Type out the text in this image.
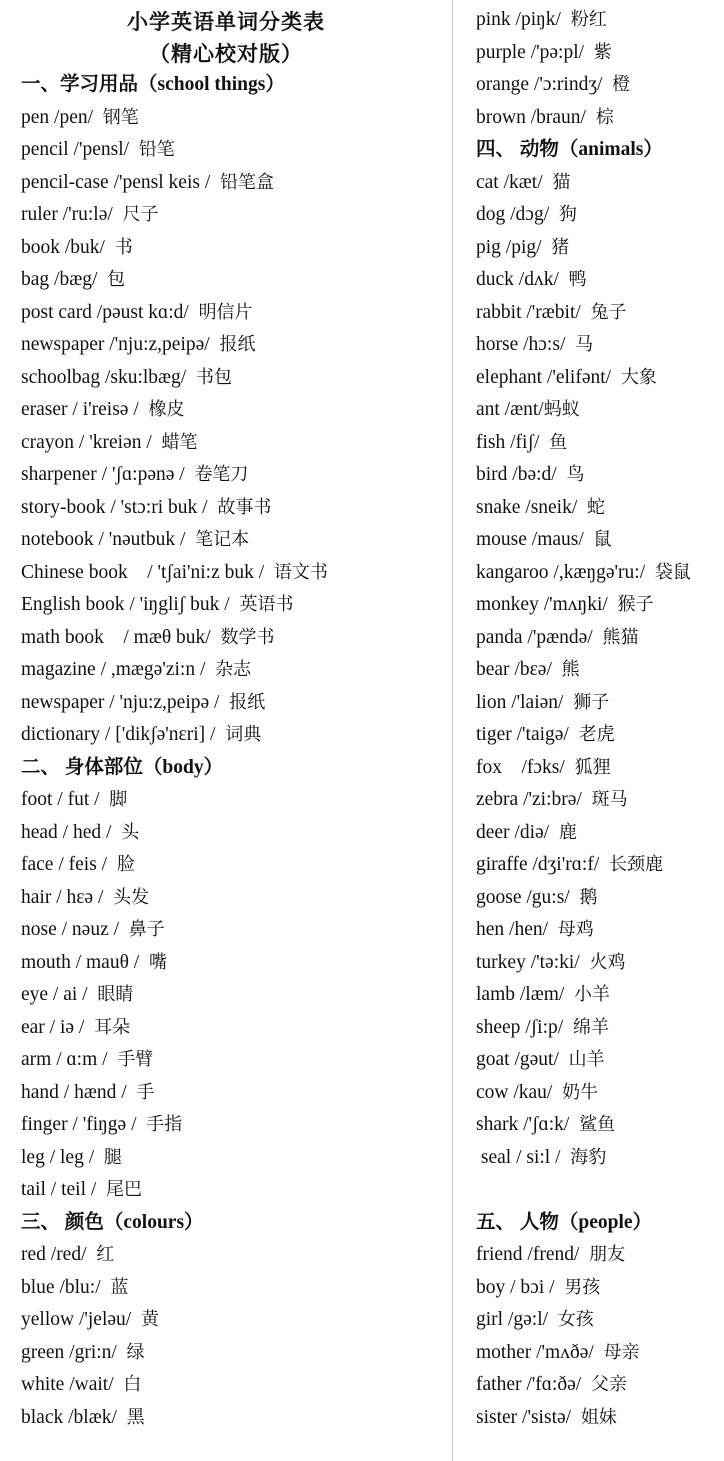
小学英语单词分类表
（精心校对版）
一、学习用品（school things）
pen /pen/  钢笔
pencil /'pensl/  铅笔
pencil-case /'pensl keis /  铅笔盒
ruler /'ru:lə/  尺子
book /buk/  书
bag /bæg/  包
post card /pəust kɑ:d/  明信片
newspaper /'nju:z,peipə/  报纸
schoolbag /sku:lbæg/  书包
eraser / i'reisə /  橡皮
crayon / 'kreiən /  蜡笔
sharpener / 'ʃɑ:pənə /  卷笔刀
story-book / 'stɔ:ri buk /  故事书
notebook / 'nəutbuk /  笔记本
Chinese book    / 'tʃai'ni:z buk /  语文书
English book / 'iŋgliʃ buk /  英语书
math book    / mæθ buk/  数学书
magazine / ,mægə'zi:n /  杂志
newspaper / 'nju:z,peipə /  报纸
dictionary / ['dikʃə'nεri] /  词典
二、 身体部位（body）
foot / fut /  脚
head / hed /  头
face / feis /  脸
hair / hεə /  头发
nose / nəuz /  鼻子
mouth / mauθ /  嘴
eye / ai /  眼睛
ear / iə /  耳朵
arm / ɑ:m /  手臂
hand / hænd /  手
finger / 'fiŋgə /  手指
leg / leg /  腿
tail / teil /  尾巴
三、 颜色（colours）
red /red/  红
blue /blu:/  蓝
yellow /'jeləu/  黄
green /gri:n/  绿
white /wait/  白
black /blæk/  黑
pink /piŋk/  粉红
purple /'pə:pl/  紫
orange /'ɔ:rindʒ/  橙
brown /braun/  棕
四、 动物（animals）
cat /kæt/  猫
dog /dɔg/  狗
pig /pig/  猪
duck /dʌk/  鸭
rabbit /'ræbit/  兔子
horse /hɔ:s/  马
elephant /'elifənt/  大象
ant /ænt/蚂蚁
fish /fiʃ/  鱼
bird /bə:d/  鸟
snake /sneik/  蛇
mouse /maus/  鼠
kangaroo /,kæŋgə'ru:/  袋鼠
monkey /'mʌŋki/  猴子
panda /'pændə/  熊猫
bear /bεə/  熊
lion /'laiən/  狮子
tiger /'taigə/  老虎
fox    /fɔks/  狐狸
zebra /'zi:brə/  斑马
deer /diə/  鹿
giraffe /dʒi'rɑ:f/  长颈鹿
goose /gu:s/  鹅
hen /hen/  母鸡
turkey /'tə:ki/  火鸡
lamb /læm/  小羊
sheep /ʃi:p/  绵羊
goat /gəut/  山羊
cow /kau/  奶牛
shark /'ʃɑ:k/  鲨鱼
seal / si:l /  海豹
五、 人物（people）
friend /frend/  朋友
boy / bɔi /  男孩
girl /gə:l/  女孩
mother /'mʌðə/  母亲
father /'fɑ:ðə/  父亲
sister /'sistə/  姐妹
